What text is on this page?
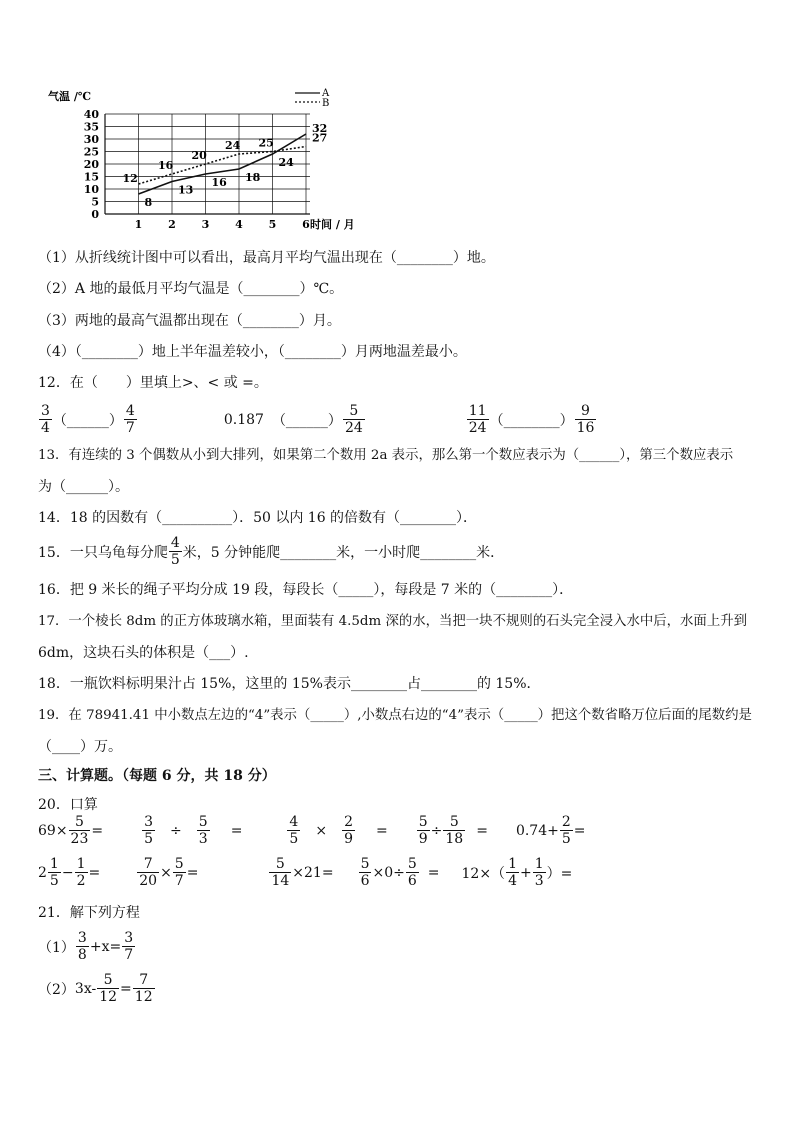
0
5
10
15
20
25
30
35
40
1 2 3 4 5 6
8
13
16 18
24
32
12
16
20
24 25	27
气温 /℃
时间 / 月
A
B
（1）从折线统计图中可以看出，最高月平均气温出现在（________）地。
（2）A 地的最低月平均气温是（________）℃。
（3）两地的最高气温都出现在（________）月。
（4）（________）地上半年温差较小，（________）月两地温差最小。
12．在（　　）里填上>、< 或 =。
$\frac{3}{4}$ （______） $\frac{4}{7}$	0.187 （______） $\frac{5}{24}$	$\frac{11}{24}$ （________） $\frac{9}{16}$
13．有连续的 3 个偶数从小到大排列，如果第二个数用 2a 表示，那么第一个数应表示为（______），第三个数应表示
为（______）。
14．18 的因数有（__________）．50 以内 16 的倍数有（________）．
15．一只乌龟每分爬 $\frac{4}{5}$ 米，5 分钟能爬________米，一小时爬________米．
16．把 9 米长的绳子平均分成 19 段，每段长（_____），每段是 7 米的（________）．
17．一个棱长 8dm 的正方体玻璃水箱，里面装有 4.5dm 深的水，当把一块不规则的石头完全浸入水中后，水面上升到
6dm，这块石头的体积是（___）.
18．一瓶饮料标明果汁占 15%，这里的 15%表示________占________的 15%．
19．在 78941.41 中小数点左边的“4”表示（_____）,小数点右边的“4”表示（_____）把这个数省略万位后面的尾数约是
（____）万。
三、计算题。（每题 6 分，共 18 分）
20．口算
$69\times \frac{5}{23}$ =	$\frac{3}{5} \div \frac{5}{3}$ =	$\frac{4}{5} \times \frac{2}{9} = \frac{5}{9} \div \frac{5}{18} = 0.74+ \frac{2}{5}$ =
$2 \frac{1}{5} - \frac{1}{2}$ =	$\frac{7}{20} \times \frac{5}{7}$ =	$\frac{5}{14} \times 21= \frac{5}{6} \times 0\div \frac{5}{6} = 12\times( \frac{1}{4} + \frac{1}{3}$ ）=
21．解下列方程
$(1) \frac{3}{8} +x= \frac{3}{7}$
（2） $3x- \frac{5}{12} = \frac{7}{12}$
